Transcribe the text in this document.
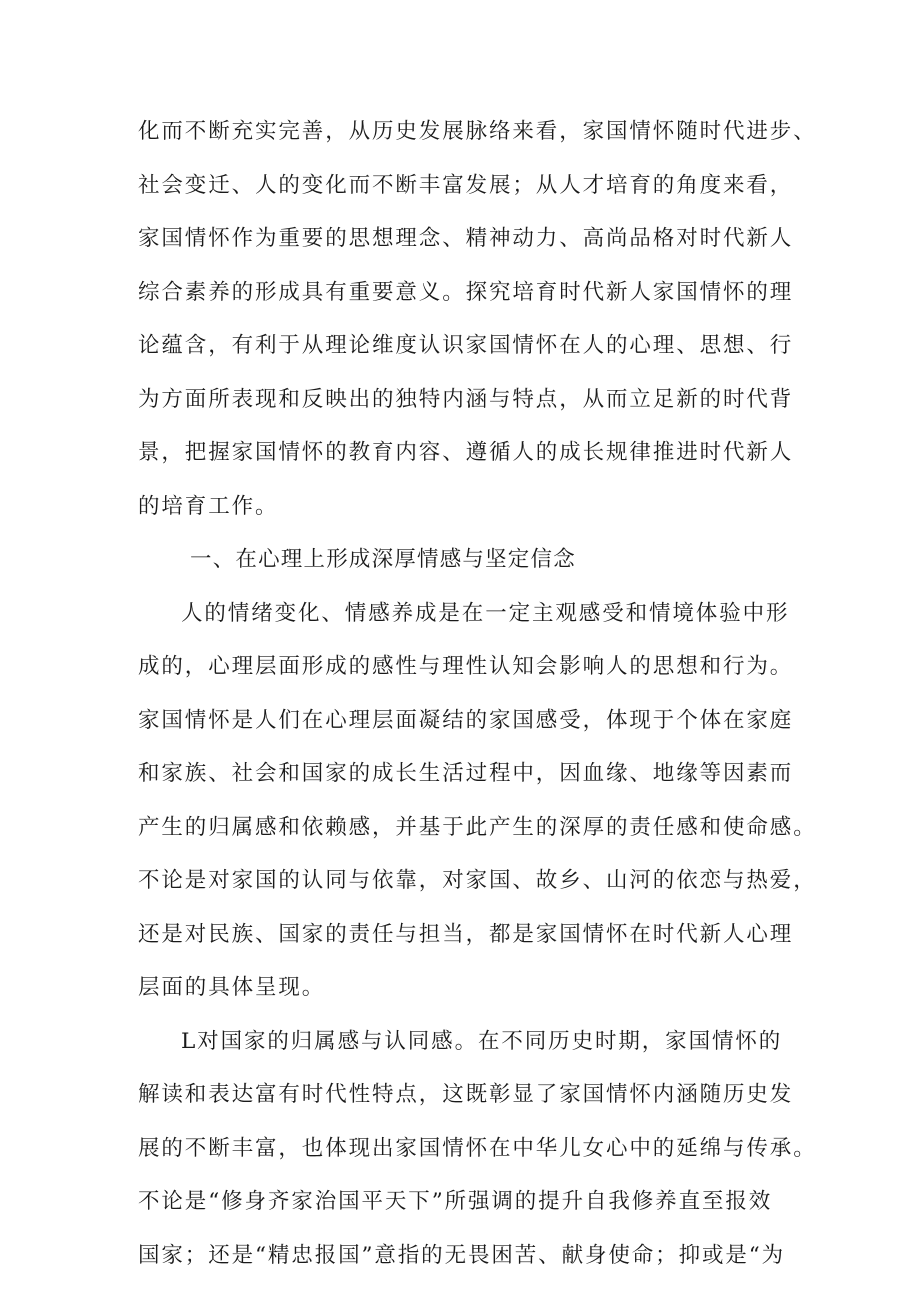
化而不断充实完善，从历史发展脉络来看，家国情怀随时代进步、
社会变迁、人的变化而不断丰富发展；从人才培育的角度来看，
家国情怀作为重要的思想理念、精神动力、高尚品格对时代新人
综合素养的形成具有重要意义。探究培育时代新人家国情怀的理
论蕴含，有利于从理论维度认识家国情怀在人的心理、思想、行
为方面所表现和反映出的独特内涵与特点，从而立足新的时代背
景，把握家国情怀的教育内容、遵循人的成长规律推进时代新人
的培育工作。
一、在心理上形成深厚情感与坚定信念
人的情绪变化、情感养成是在一定主观感受和情境体验中形
成的，心理层面形成的感性与理性认知会影响人的思想和行为。
家国情怀是人们在心理层面凝结的家国感受，体现于个体在家庭
和家族、社会和国家的成长生活过程中，因血缘、地缘等因素而
产生的归属感和依赖感，并基于此产生的深厚的责任感和使命感。
不论是对家国的认同与依靠，对家国、故乡、山河的依恋与热爱，
还是对民族、国家的责任与担当，都是家国情怀在时代新人心理
层面的具体呈现。
L对国家的归属感与认同感。在不同历史时期，家国情怀的
解读和表达富有时代性特点，这既彰显了家国情怀内涵随历史发
展的不断丰富，也体现出家国情怀在中华儿女心中的延绵与传承。
不论是“修身齐家治国平天下”所强调的提升自我修养直至报效
国家；还是“精忠报国”意指的无畏困苦、献身使命；抑或是“为
